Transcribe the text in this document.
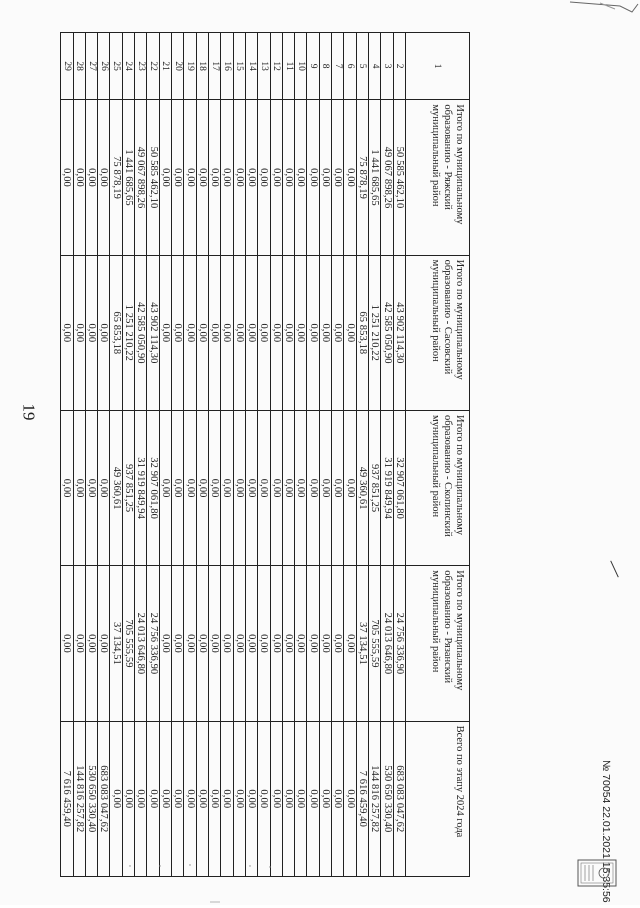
19
1	Итого по муниципальному образованию - Ряжский муниципальный район	Итого по муниципальному образованию - Сасовский муниципальный район	Итого по муниципальному образованию - Скопинский муниципальный район	Итого по муниципальному образованию - Рязанский муниципальный район	Всего по этапу 2024 года
2	50 585 462,10	43 902 114,30	32 907 061,80	24 756 336,90	683 083 047,62
3	49 067 898,26	42 585 050,90	31 919 849,94	24 013 646,80	530 650 330,40
4	1 441 685,65	1 251 210,22	937 851,25	705 555,59	144 816 257,82
5	75 878,19	65 853,18	49 360,61	37 134,51	7 616 459,40
6	0,00	0,00	0,00	0,00	0,00
7	0,00	0,00	0,00	0,00	0,00
8	0,00	0,00	0,00	0,00	0,00
9	0,00	0,00	0,00	0,00	0,00
10	0,00	0,00	0,00	0,00	0,00
11	0,00	0,00	0,00	0,00	0,00
12	0,00	0,00	0,00	0,00	0,00
13	0,00	0,00	0,00	0,00	0,00
14	0,00	0,00	0,00	0,00	0,00
15	0,00	0,00	0,00	0,00	0,00
16	0,00	0,00	0,00	0,00	0,00
17	0,00	0,00	0,00	0,00	0,00
18	0,00	0,00	0,00	0,00	0,00
19	0,00	0,00	0,00	0,00	0,00
20	0,00	0,00	0,00	0,00	0,00
21	0,00	0,00	0,00	0,00	0,00
22	50 585 462,10	43 902 114,30	32 907 061,80	24 756 336,90	0,00
23	49 067 898,26	42 585 050,90	31 919 849,94	24 013 646,80	0,00
24	1 441 685,65	1 251 210,22	937 851,25	705 555,59	0,00
25	75 878,19	65 853,18	49 360,61	37 134,51	0,00
26	0,00	0,00	0,00	0,00	683 083 047,62
27	0,00	0,00	0,00	0,00	530 650 330,40
28	0,00	0,00	0,00	0,00	144 816 257,82
29	0,00	0,00	0,00	0,00	7 616 459,40	№ 70054 22.01.2021 15:35:56
